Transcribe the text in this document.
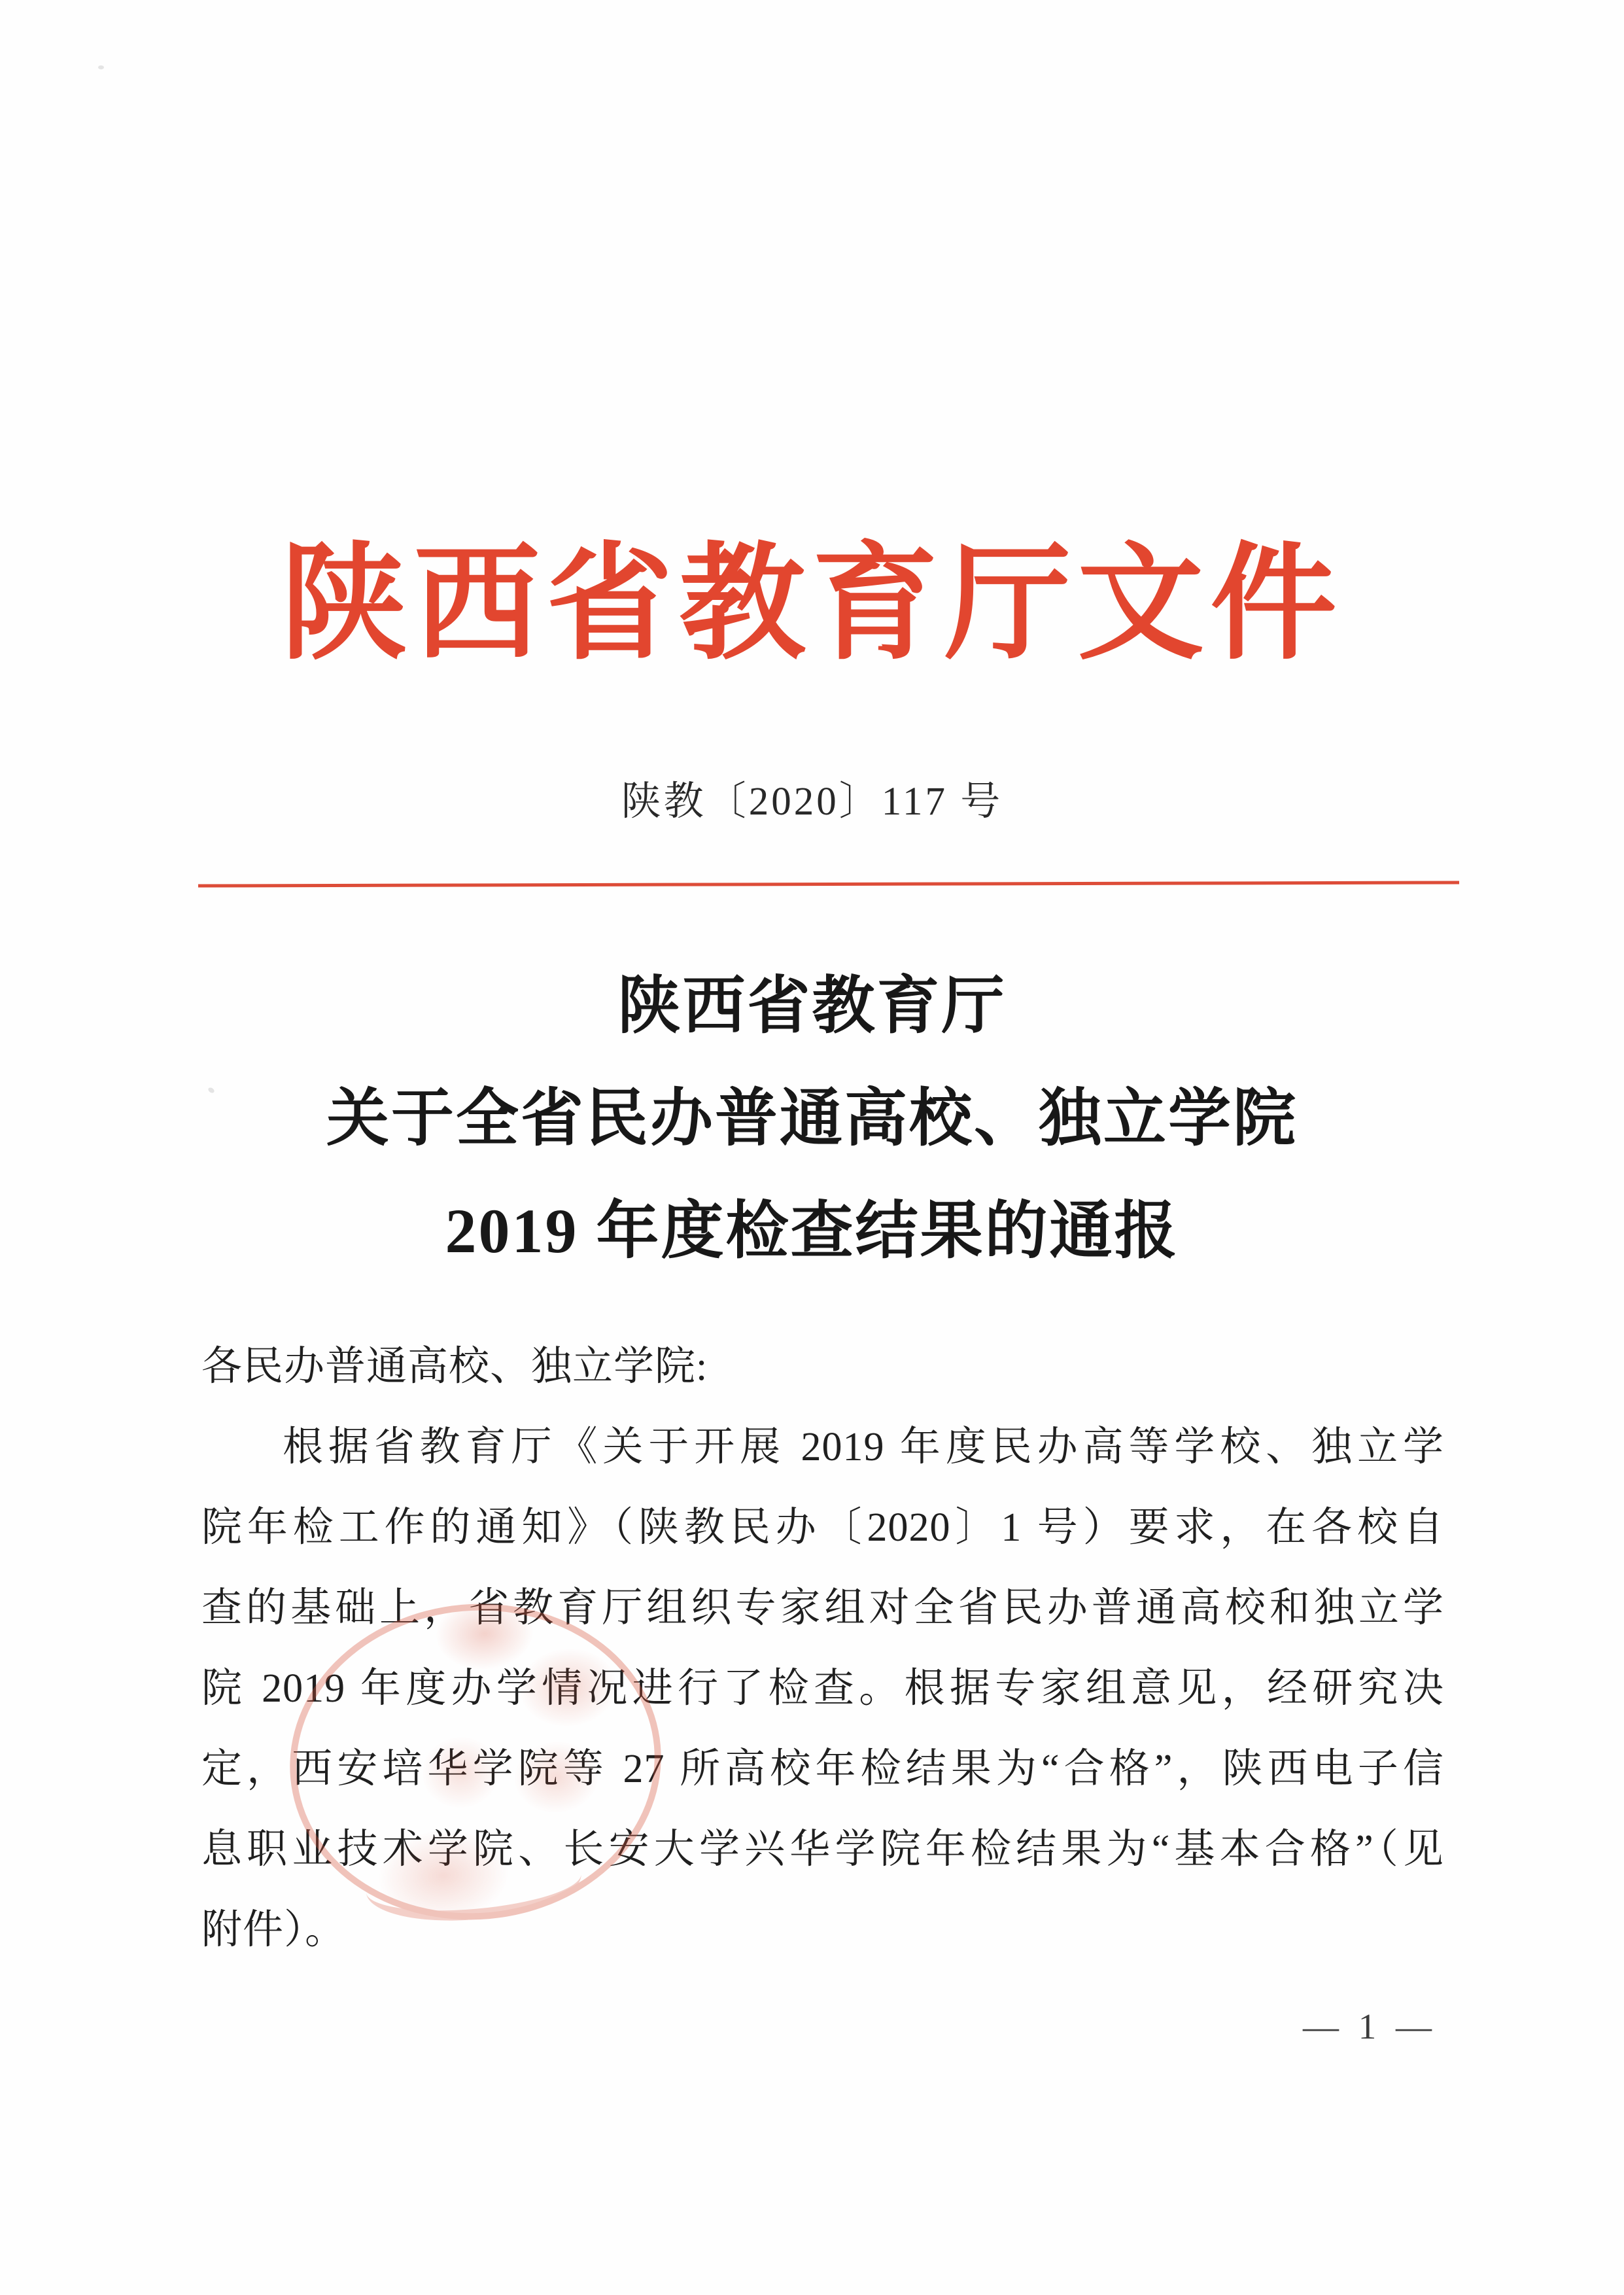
陕西省教育厅文件
陕教〔2020〕117 号
陕西省教育厅
关于全省民办普通高校、独立学院
2019 年度检查结果的通报
各民办普通高校、独立学院:
根据省教育厅《关于开展 2019 年度民办高等学校、独立学
院年检工作的通知》（陕教民办〔2020〕1 号）要求，在各校自
查的基础上，省教育厅组织专家组对全省民办普通高校和独立学
院 2019 年度办学情况进行了检查。根据专家组意见，经研究决
定，西安培华学院等 27 所高校年检结果为“合格”，陕西电子信
息职业技术学院、长安大学兴华学院年检结果为“基本合格”（见
附件）。
— 1 —
